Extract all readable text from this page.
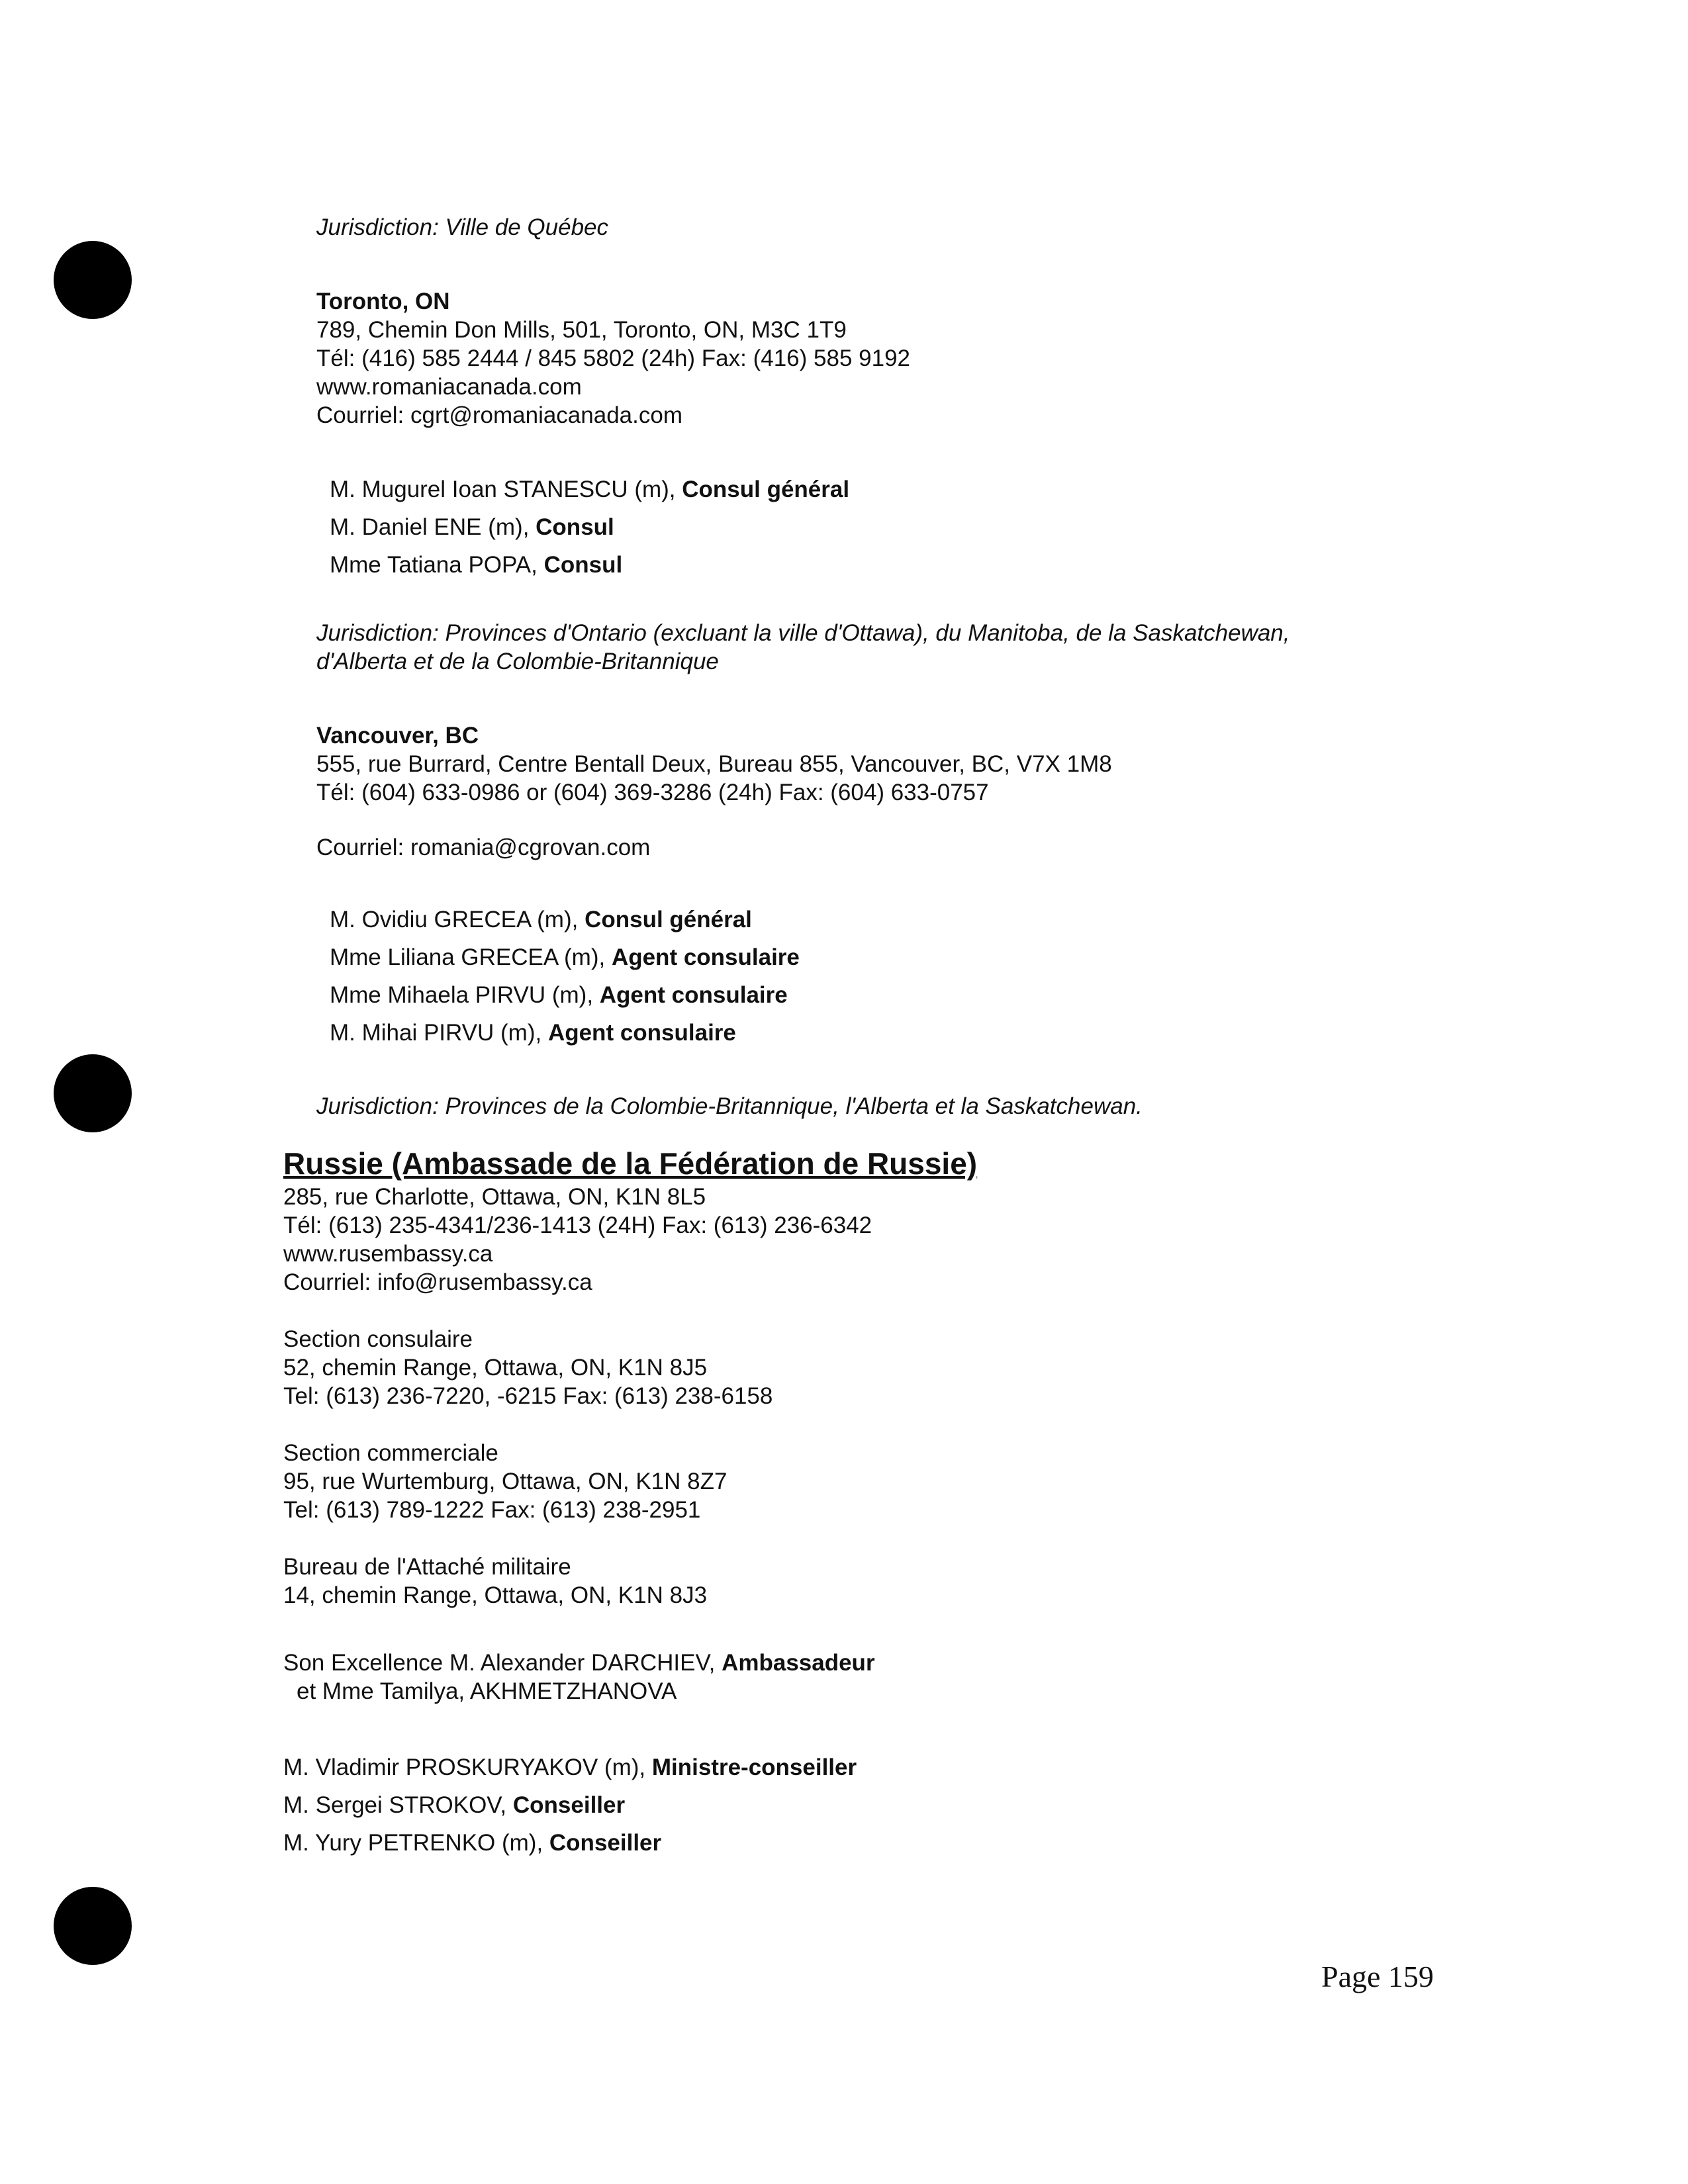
Jurisdiction: Ville de Québec
Toronto, ON
789, Chemin Don Mills, 501, Toronto, ON, M3C 1T9
Tél: (416) 585 2444 / 845 5802 (24h) Fax: (416) 585 9192
www.romaniacanada.com
Courriel: cgrt@romaniacanada.com
M. Mugurel Ioan STANESCU (m), Consul général
M. Daniel ENE (m), Consul
Mme Tatiana POPA, Consul
Jurisdiction: Provinces d'Ontario (excluant la ville d'Ottawa), du Manitoba, de la Saskatchewan,
d'Alberta et de la Colombie-Britannique
Vancouver, BC
555, rue Burrard, Centre Bentall Deux, Bureau 855, Vancouver, BC, V7X 1M8
Tél: (604) 633-0986 or (604) 369-3286 (24h) Fax: (604) 633-0757
Courriel: romania@cgrovan.com
M. Ovidiu GRECEA (m), Consul général
Mme Liliana GRECEA (m), Agent consulaire
Mme Mihaela PIRVU (m), Agent consulaire
M. Mihai PIRVU (m), Agent consulaire
Jurisdiction: Provinces de la Colombie-Britannique, l'Alberta et la Saskatchewan.
Russie (Ambassade de la Fédération de Russie)
285, rue Charlotte, Ottawa, ON, K1N 8L5
Tél: (613) 235-4341/236-1413 (24H) Fax: (613) 236-6342
www.rusembassy.ca
Courriel: info@rusembassy.ca
Section consulaire
52, chemin Range, Ottawa, ON, K1N 8J5
Tel: (613) 236-7220, -6215 Fax: (613) 238-6158
Section commerciale
95, rue Wurtemburg, Ottawa, ON, K1N 8Z7
Tel: (613) 789-1222 Fax: (613) 238-2951
Bureau de l'Attaché militaire
14, chemin Range, Ottawa, ON, K1N 8J3
Son Excellence M. Alexander DARCHIEV, Ambassadeur
et Mme Tamilya, AKHMETZHANOVA
M. Vladimir PROSKURYAKOV (m), Ministre-conseiller
M. Sergei STROKOV, Conseiller
M. Yury PETRENKO (m), Conseiller
Page 159
